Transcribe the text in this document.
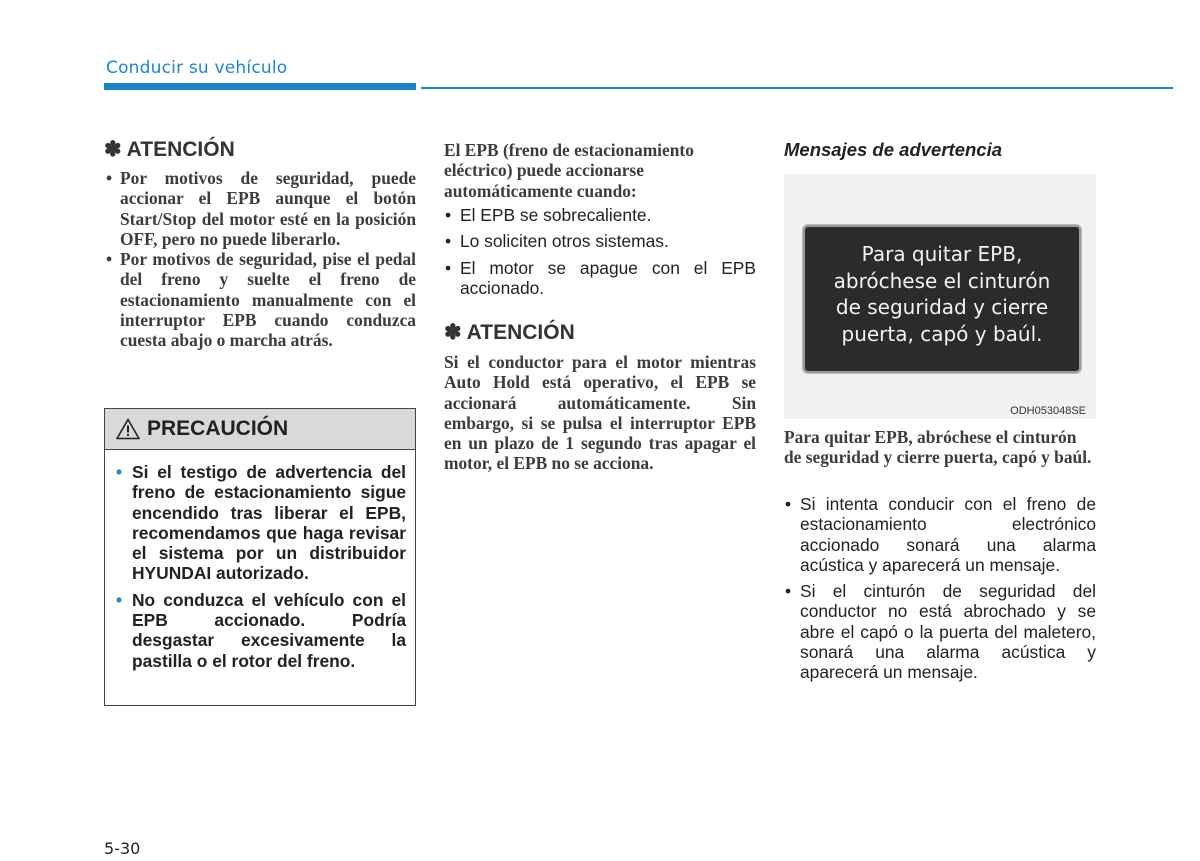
Conducir su vehículo
✽ ATENCIÓN
• Por motivos de seguridad, puede accionar el EPB aunque el botón Start/Stop del motor esté en la posición OFF, pero no puede liberarlo.
• Por motivos de seguridad, pise el pedal del freno y suelte el freno de estacionamiento manualmente con el interruptor EPB cuando conduzca cuesta abajo o marcha atrás.
PRECAUCIÓN
• Si el testigo de advertencia del freno de estacionamiento sigue encendido tras liberar el EPB, recomendamos que haga revisar el sistema por un distribuidor HYUNDAI autorizado.
• No conduzca el vehículo con el EPB accionado. Podría desgastar excesivamente la pastilla o el rotor del freno.
El EPB (freno de estacionamiento eléctrico) puede accionarse automáticamente cuando:
• El EPB se sobrecaliente.
• Lo soliciten otros sistemas.
• El motor se apague con el EPB accionado.
✽ ATENCIÓN
Si el conductor para el motor mientras Auto Hold está operativo, el EPB se accionará automáticamente. Sin embargo, si se pulsa el interruptor EPB en un plazo de 1 segundo tras apagar el motor, el EPB no se acciona.
Mensajes de advertencia
Para quitar EPB,
abróchese el cinturón
de seguridad y cierre
puerta, capó y baúl.
ODH053048SE
Para quitar EPB, abróchese el cinturón de seguridad y cierre puerta, capó y baúl.
• Si intenta conducir con el freno de estacionamiento electrónico accionado sonará una alarma acústica y aparecerá un mensaje.
• Si el cinturón de seguridad del conductor no está abrochado y se abre el capó o la puerta del maletero, sonará una alarma acústica y aparecerá un mensaje.
5-30
